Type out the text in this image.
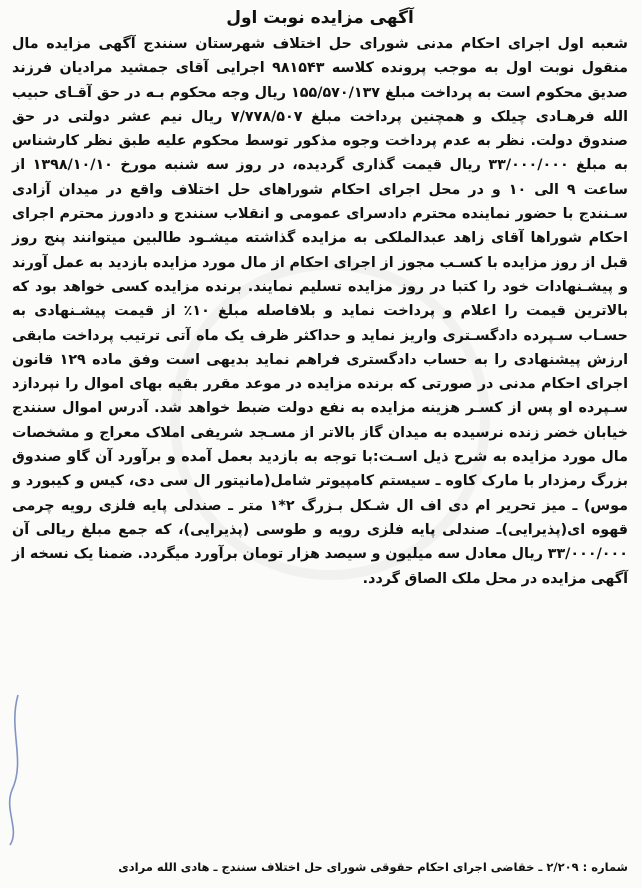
آگهی مزایده نوبت اول

شعبه اول اجرای احکام مدنی شورای حل اختلاف شهرستان سنندج آگهی مزایده مال منقول نوبت اول به موجب پرونده کلاسه ۹۸۱۵۴۳ اجرایی آقای جمشید مرادیان فرزند صدیق محکوم است به پرداخت مبلغ ۱۵۵/۵۷۰/۱۳۷ ریال وجه محکوم بـه در حق آقـای حبیب الله فرهـادی چیلک و همچنین پرداخت مبلغ ۷/۷۷۸/۵۰۷ ریال نیم عشر دولتی در حق صندوق دولت. نظر به عدم پرداخت وجوه مذکور توسط محکوم علیه طبق نظر کارشناس به مبلغ ۳۳/۰۰۰/۰۰۰ ریال قیمت گذاری گردیده، در روز سه شنبه مورخ ۱۳۹۸/۱۰/۱۰ از ساعت ۹ الی ۱۰ و در محل اجرای احکام شوراهای حل اختلاف واقع در میدان آزادی سـنندج با حضور نماینده محترم دادسرای عمومی و انقلاب سنندج و دادورز محترم اجرای احکام شوراها آقای زاهد عبدالملکی به مزایده گذاشته میشـود طالبین میتوانند پنج روز قبل از روز مزایده با کسـب مجوز از اجرای احکام از مال مورد مزایده بازدید به عمل آورند و پیشـنهادات خود را کتبا در روز مزایده تسلیم نمایند. برنده مزایده کسی خواهد بود که بالاترین قیمت را اعلام و پرداخت نماید و بلافاصله مبلغ ۱۰٪ از قیمت پیشـنهادی به حسـاب سـپرده دادگسـتری واریز نماید و حداکثر ظرف یک ماه آتی ترتیب پرداخت مابقی ارزش پیشنهادی را به حساب دادگستری فراهم نماید بدیهی است وفق ماده ۱۲۹ قانون اجرای احکام مدنی در صورتی که برنده مزایده در موعد مقرر بقیه بهای اموال را نپردازد سـپرده او پس از کسـر هزینه مزایده به نفع دولت ضبط خواهد شد. آدرس اموال سنندج خیابان خضر زنده نرسیده به میدان گاز بالاتر از مسـجد شریفی املاک معراج و مشخصات مال مورد مزایده به شرح ذیل اسـت:با توجه به بازدید بعمل آمده و برآورد آن گاو صندوق بزرگ رمزدار با مارک کاوه ـ سیستم کامپیوتر شامل(مانیتور ال سی دی، کیس و کیبورد و موس) ـ میز تحریر ام دی اف ال شـکل بـزرگ ۲*۱ متر ـ صندلی پایه فلزی رویه چرمی قهوه ای(پذیرایی)ـ صندلی پایه فلزی رویه و طوسی (پذیرایی)، که جمع مبلغ ریالی آن ۳۳/۰۰۰/۰۰۰ ریال معادل سه میلیون و سیصد هزار تومان برآورد میگردد. ضمنا یک نسخه از آگهی مزایده در محل ملک الصاق گردد.

شماره : ۲/۲۰۹ ـ خقاضی اجرای احکام حقوقی شورای حل اختلاف سنندج ـ هادی الله مرادی
